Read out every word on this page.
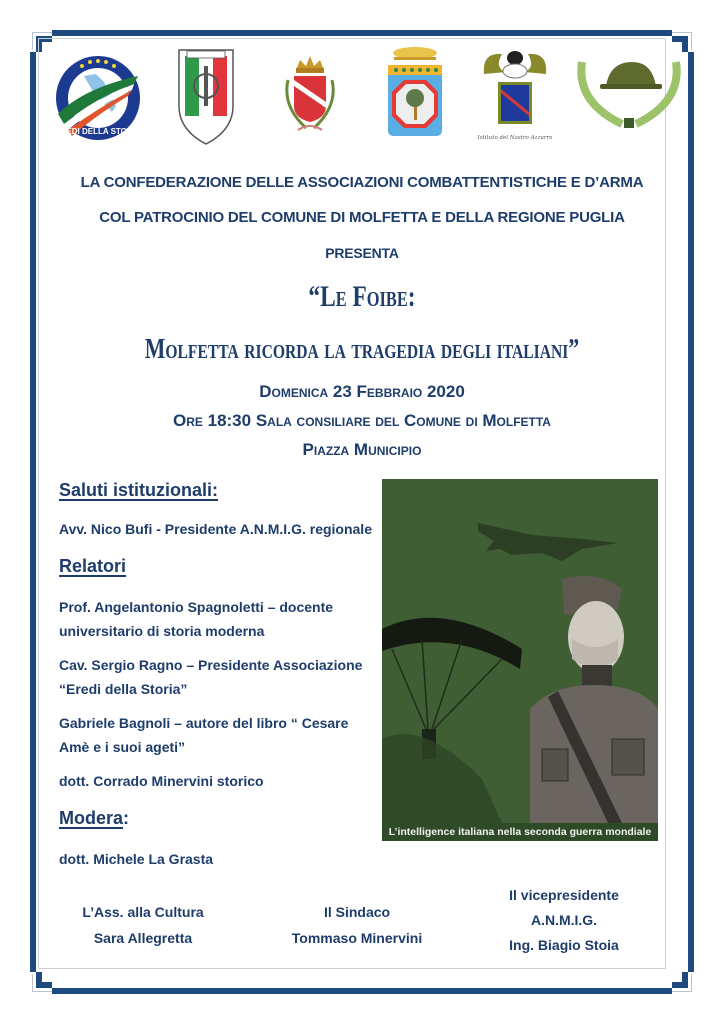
EREDI DELLA STORIA
Istituto del Nastro Azzurro
LA CONFEDERAZIONE DELLE ASSOCIAZIONI COMBATTENTISTICHE E D’ARMA
COL PATROCINIO DEL COMUNE DI MOLFETTA E DELLA REGIONE PUGLIA
PRESENTA
“Le Foibe:
Molfetta ricorda la tragedia degli italiani”
Domenica 23 Febbraio 2020
Ore 18:30 Sala consiliare del Comune di Molfetta
Piazza Municipio
Saluti istituzionali:
Avv. Nico Bufi - Presidente A.N.M.I.G. regionale
Relatori
Prof. Angelantonio Spagnoletti – docente
universitario di storia moderna
Cav. Sergio Ragno – Presidente Associazione
“Eredi della Storia”
Gabriele Bagnoli – autore del libro “ Cesare
Amè e i suoi ageti”
dott. Corrado Minervini storico
Modera:
dott. Michele La Grasta
L’intelligence italiana nella seconda guerra mondiale
L’Ass. alla Cultura
Sara Allegretta
Il Sindaco
Tommaso Minervini
Il vicepresidente
A.N.M.I.G.
Ing. Biagio Stoia
